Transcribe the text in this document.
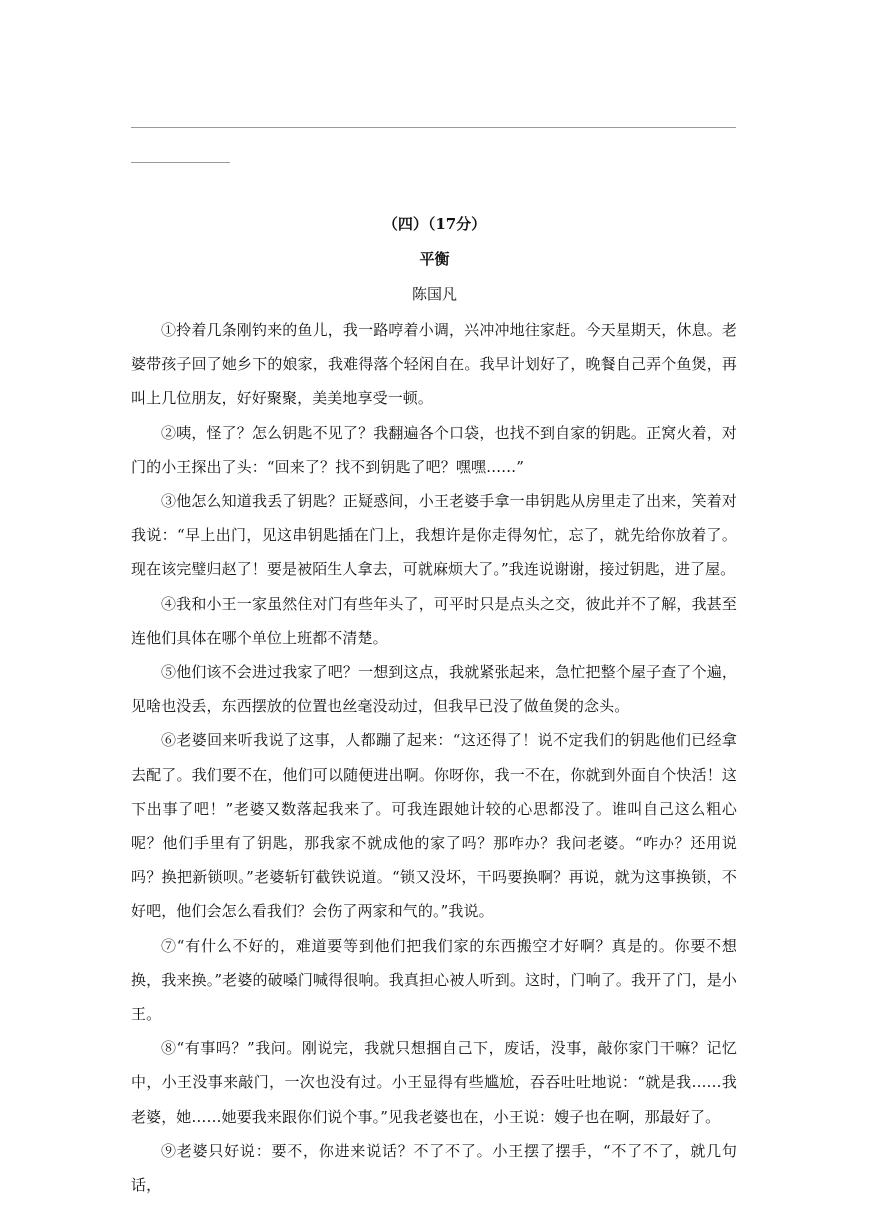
（四）（17分）
平衡
陈国凡

①拎着几条刚钓来的鱼儿，我一路哼着小调，兴冲冲地往家赶。今天星期天，休息。老婆带孩子回了她乡下的娘家，我难得落个轻闲自在。我早计划好了，晚餐自己弄个鱼煲，再叫上几位朋友，好好聚聚，美美地享受一顿。

②咦，怪了？怎么钥匙不见了？我翻遍各个口袋，也找不到自家的钥匙。正窝火着，对门的小王探出了头：“回来了？找不到钥匙了吧？嘿嘿……”

③他怎么知道我丢了钥匙？正疑惑间，小王老婆手拿一串钥匙从房里走了出来，笑着对我说：“早上出门，见这串钥匙插在门上，我想许是你走得匆忙，忘了，就先给你放着了。现在该完璧归赵了！要是被陌生人拿去，可就麻烦大了。”我连说谢谢，接过钥匙，进了屋。

④我和小王一家虽然住对门有些年头了，可平时只是点头之交，彼此并不了解，我甚至连他们具体在哪个单位上班都不清楚。

⑤他们该不会进过我家了吧？一想到这点，我就紧张起来，急忙把整个屋子查了个遍，见啥也没丢，东西摆放的位置也丝毫没动过，但我早已没了做鱼煲的念头。

⑥老婆回来听我说了这事，人都蹦了起来：“这还得了！说不定我们的钥匙他们已经拿去配了。我们要不在，他们可以随便进出啊。你呀你，我一不在，你就到外面自个快活！这下出事了吧！”老婆又数落起我来了。可我连跟她计较的心思都没了。谁叫自己这么粗心呢？他们手里有了钥匙，那我家不就成他的家了吗？那咋办？我问老婆。“咋办？还用说吗？换把新锁呗。”老婆斩钉截铁说道。“锁又没坏，干吗要换啊？再说，就为这事换锁，不好吧，他们会怎么看我们？会伤了两家和气的。”我说。

⑦“有什么不好的，难道要等到他们把我们家的东西搬空才好啊？真是的。你要不想换，我来换。”老婆的破嗓门喊得很响。我真担心被人听到。这时，门响了。我开了门，是小王。

⑧“有事吗？”我问。刚说完，我就只想掴自己下，废话，没事，敲你家门干嘛？记忆中，小王没事来敲门，一次也没有过。小王显得有些尴尬，吞吞吐吐地说：“就是我……我老婆，她……她要我来跟你们说个事。”见我老婆也在，小王说：嫂子也在啊，那最好了。

⑨老婆只好说：要不，你进来说话？不了不了。小王摆了摆手，“不了不了，就几句话，
